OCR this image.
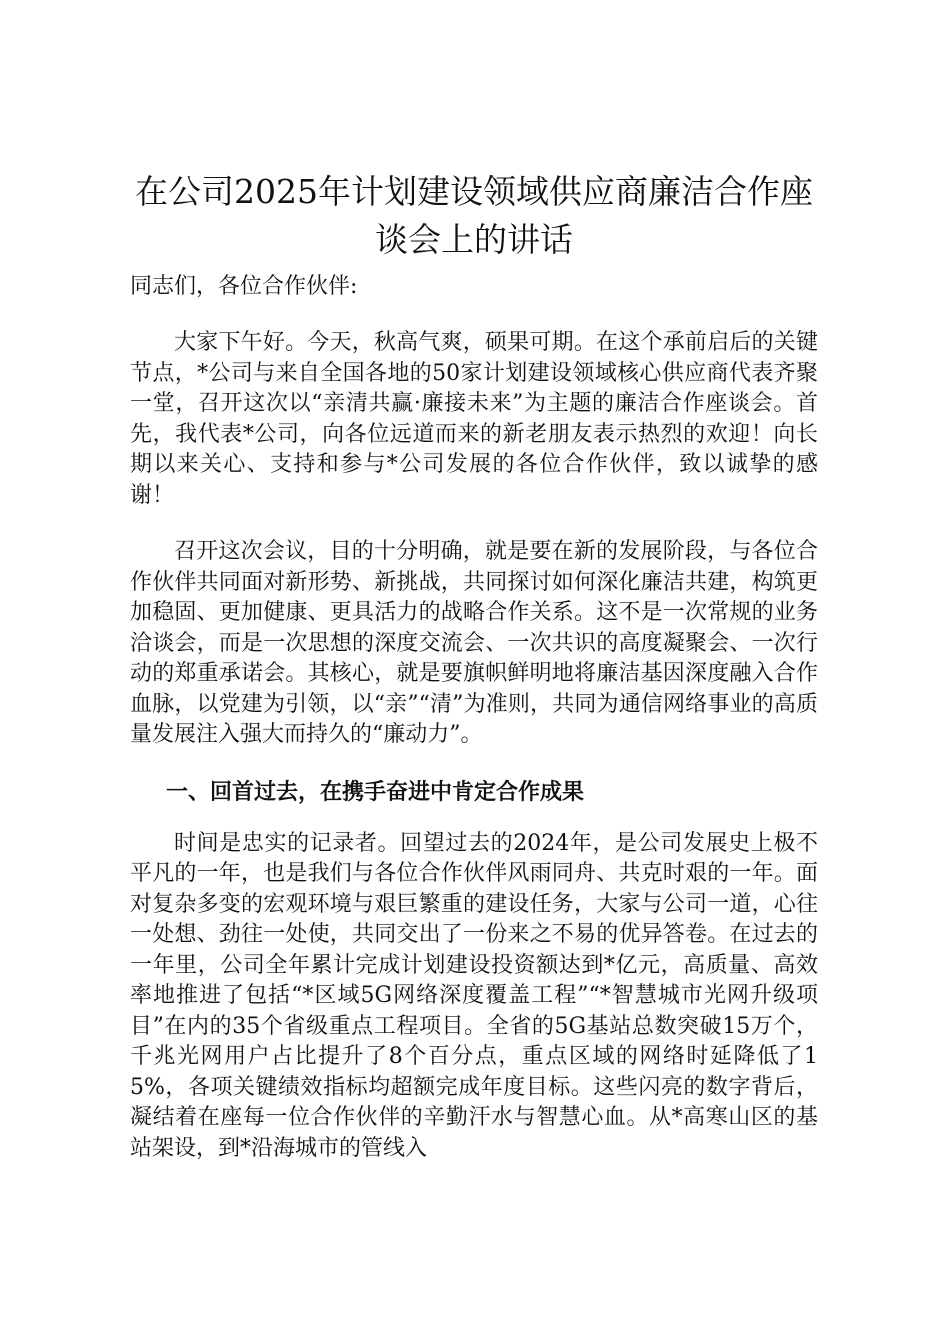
在公司2025年计划建设领域供应商廉洁合作座谈会上的讲话

同志们，各位合作伙伴:

大家下午好。今天，秋高气爽，硕果可期。在这个承前启后的关键节点，*公司与来自全国各地的50家计划建设领域核心供应商代表齐聚一堂，召开这次以“亲清共赢·廉接未来”为主题的廉洁合作座谈会。首先，我代表*公司，向各位远道而来的新老朋友表示热烈的欢迎！向长期以来关心、支持和参与*公司发展的各位合作伙伴，致以诚挚的感谢！

召开这次会议，目的十分明确，就是要在新的发展阶段，与各位合作伙伴共同面对新形势、新挑战，共同探讨如何深化廉洁共建，构筑更加稳固、更加健康、更具活力的战略合作关系。这不是一次常规的业务洽谈会，而是一次思想的深度交流会、一次共识的高度凝聚会、一次行动的郑重承诺会。其核心，就是要旗帜鲜明地将廉洁基因深度融入合作血脉，以党建为引领，以“亲”“清”为准则，共同为通信网络事业的高质量发展注入强大而持久的“廉动力”。

一、回首过去，在携手奋进中肯定合作成果

时间是忠实的记录者。回望过去的2024年，是公司发展史上极不平凡的一年，也是我们与各位合作伙伴风雨同舟、共克时艰的一年。面对复杂多变的宏观环境与艰巨繁重的建设任务，大家与公司一道，心往一处想、劲往一处使，共同交出了一份来之不易的优异答卷。在过去的一年里，公司全年累计完成计划建设投资额达到*亿元，高质量、高效率地推进了包括“*区域5G网络深度覆盖工程”“*智慧城市光网升级项目”在内的35个省级重点工程项目。全省的5G基站总数突破15万个，千兆光网用户占比提升了8个百分点，重点区域的网络时延降低了15%，各项关键绩效指标均超额完成年度目标。这些闪亮的数字背后，凝结着在座每一位合作伙伴的辛勤汗水与智慧心血。从*高寒山区的基站架设，到*沿海城市的管线入
